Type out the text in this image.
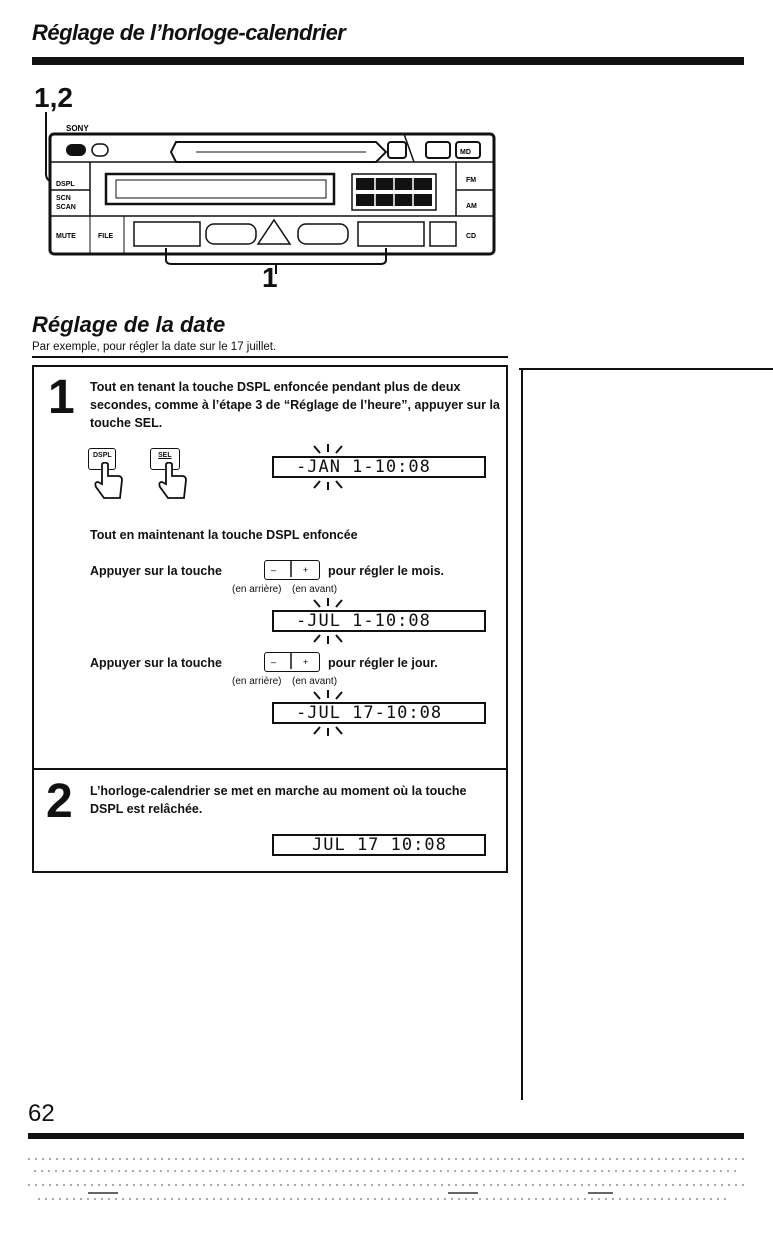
Réglage de l’horloge-calendrier
1,2
SONY
DSPL
SCN
SCAN
MUTE	FILE
FM
AM
CD
MD
1
Réglage de la date
Par exemple, pour régler la date sur le 17 juillet.
1 Tout en tenant la touche DSPL enfoncée pendant plus de deux secondes, comme à l’étape 3 de “Réglage de l’heure”, appuyer sur la touche SEL.
DSPL	SEL
-JAN 1-10:08
Tout en maintenant la touche DSPL enfoncée
Appuyer sur la touche	–	+ pour régler le mois.
(en arrière) (en avant)
-JUL 1-10:08
Appuyer sur la touche	–	+ pour régler le jour.
(en arrière) (en avant)
-JUL 17-10:08
2 L’horloge-calendrier se met en marche au moment où la touche DSPL est relâchée.
JUL 17 10:08
62
